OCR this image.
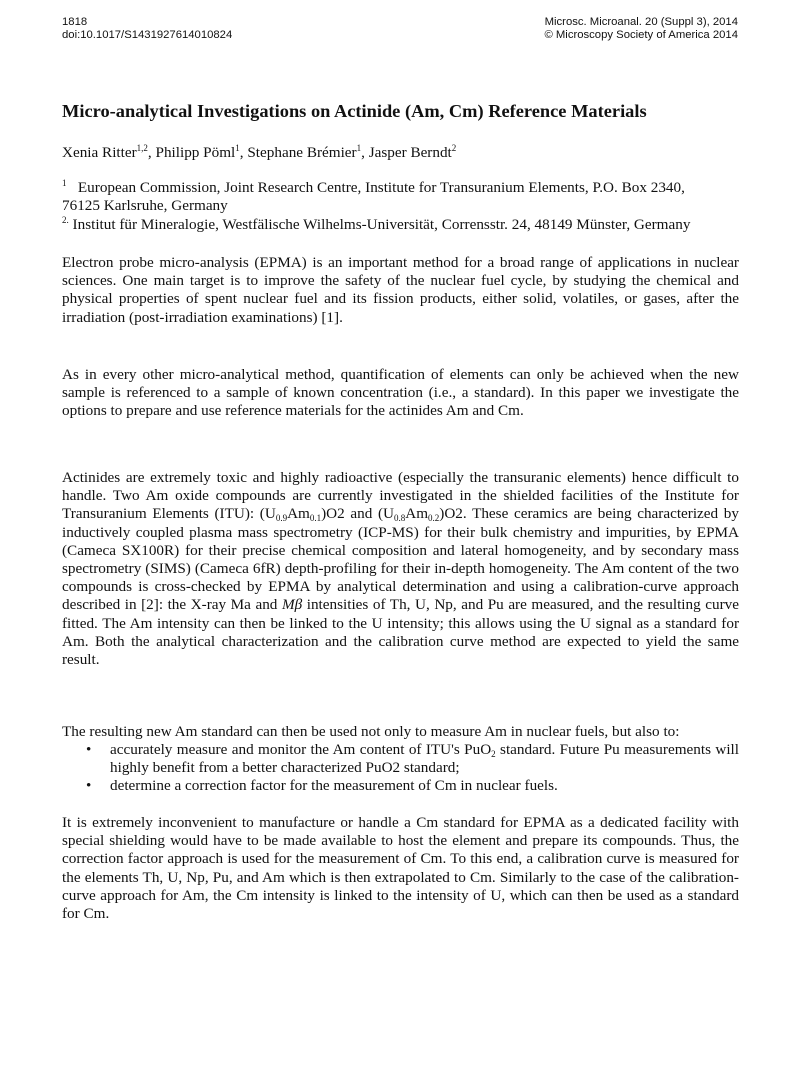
1818
doi:10.1017/S1431927614010824
Microsc. Microanal. 20 (Suppl 3), 2014
© Microscopy Society of America 2014
Micro-analytical Investigations on Actinide (Am, Cm) Reference Materials
Xenia Ritter$^{1,2}$, Philipp Pöml$^1$, Stephane Brémier$^1$, Jasper Berndt$^2$
$^1$ European Commission, Joint Research Centre, Institute for Transuranium Elements, P.O. Box 2340,
76125 Karlsruhe, Germany
$^{2.}$ Institut für Mineralogie, Westfälische Wilhelms-Universität, Corrensstr. 24, 48149 Münster, Germany

Electron probe micro-analysis (EPMA) is an important method for a broad range of applications in nuclear sciences. One main target is to improve the safety of the nuclear fuel cycle, by studying the chemical and physical properties of spent nuclear fuel and its fission products, either solid, volatiles, or gases, after the irradiation (post-irradiation examinations) [1].

As in every other micro-analytical method, quantification of elements can only be achieved when the new sample is referenced to a sample of known concentration (i.e., a standard). In this paper we investigate the options to prepare and use reference materials for the actinides Am and Cm.

Actinides are extremely toxic and highly radioactive (especially the transuranic elements) hence difficult to handle. Two Am oxide compounds are currently investigated in the shielded facilities of the Institute for Transuranium Elements (ITU): $(U_{0.9}Am_{0.1})O2$ and $(U_{0.8}Am_{0.2})O2$. These ceramics are being characterized by inductively coupled plasma mass spectrometry (ICP-MS) for their bulk chemistry and impurities, by EPMA (Cameca SX100R) for their precise chemical composition and lateral homogeneity, and by secondary mass spectrometry (SIMS) (Cameca 6fR) depth-profiling for their in-depth homogeneity. The Am content of the two compounds is cross-checked by EPMA by analytical determination and using a calibration-curve approach described in [2]: the X-ray Ma and Mβ intensities of Th, U, Np, and Pu are measured, and the resulting curve fitted. The Am intensity can then be linked to the U intensity; this allows using the U signal as a standard for Am. Both the analytical characterization and the calibration curve method are expected to yield the same result.

The resulting new Am standard can then be used not only to measure Am in nuclear fuels, but also to:

• accurately measure and monitor the Am content of ITU's PuO$_2$ standard. Future Pu measurements will highly benefit from a better characterized PuO2 standard;
• determine a correction factor for the measurement of Cm in nuclear fuels.

It is extremely inconvenient to manufacture or handle a Cm standard for EPMA as a dedicated facility with special shielding would have to be made available to host the element and prepare its compounds. Thus, the correction factor approach is used for the measurement of Cm. To this end, a calibration curve is measured for the elements Th, U, Np, Pu, and Am which is then extrapolated to Cm. Similarly to the case of the calibration-curve approach for Am, the Cm intensity is linked to the intensity of U, which can then be used as a standard for Cm.
